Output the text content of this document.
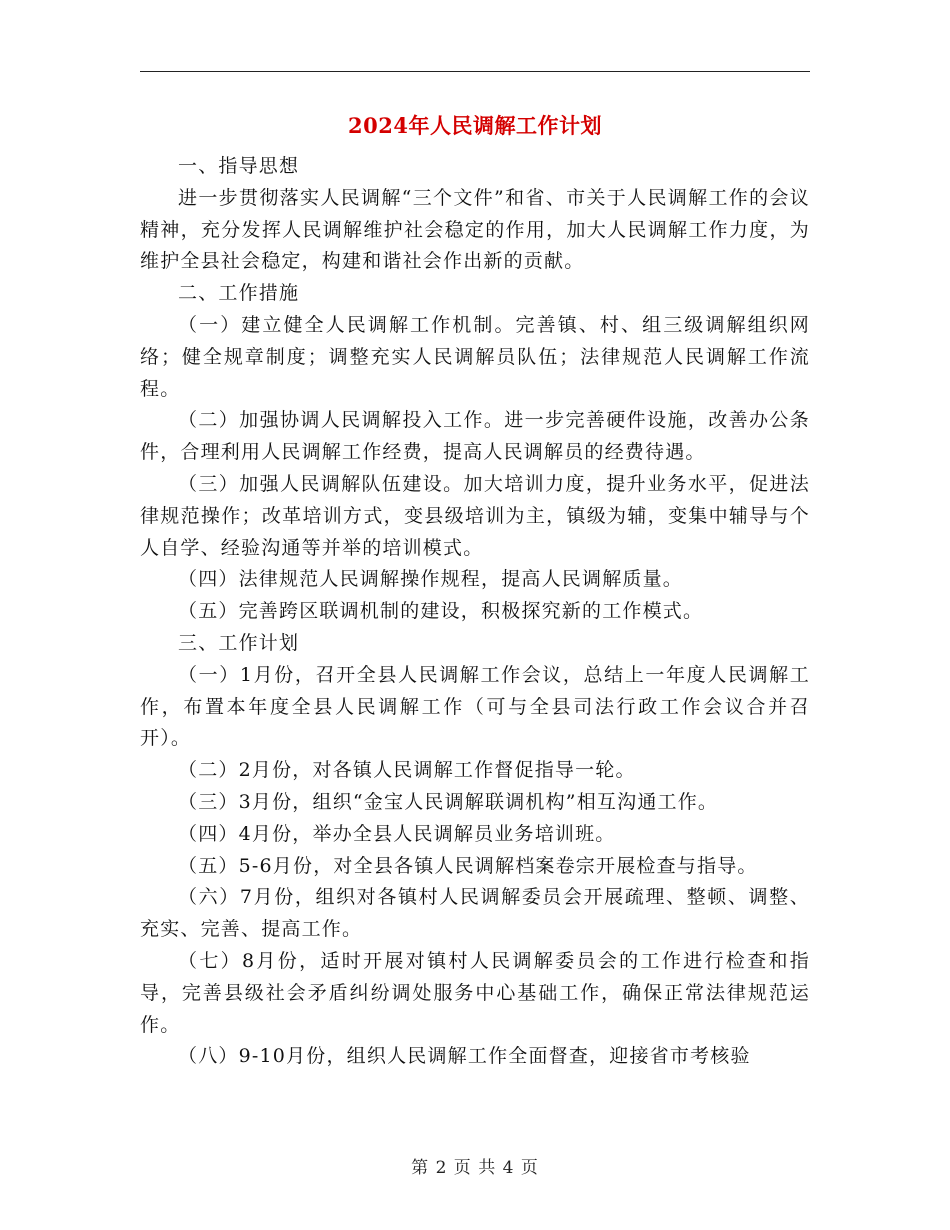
2024年人民调解工作计划

一、指导思想

进一步贯彻落实人民调解“三个文件”和省、市关于人民调解工作的会议精神，充分发挥人民调解维护社会稳定的作用，加大人民调解工作力度，为维护全县社会稳定，构建和谐社会作出新的贡献。

二、工作措施

（一）建立健全人民调解工作机制。完善镇、村、组三级调解组织网络；健全规章制度；调整充实人民调解员队伍；法律规范人民调解工作流程。

（二）加强协调人民调解投入工作。进一步完善硬件设施，改善办公条件，合理利用人民调解工作经费，提高人民调解员的经费待遇。

（三）加强人民调解队伍建设。加大培训力度，提升业务水平，促进法律规范操作；改革培训方式，变县级培训为主，镇级为辅，变集中辅导与个人自学、经验沟通等并举的培训模式。

（四）法律规范人民调解操作规程，提高人民调解质量。

（五）完善跨区联调机制的建设，积极探究新的工作模式。

三、工作计划

（一）1月份，召开全县人民调解工作会议，总结上一年度人民调解工作，布置本年度全县人民调解工作（可与全县司法行政工作会议合并召开）。

（二）2月份，对各镇人民调解工作督促指导一轮。

（三）3月份，组织“金宝人民调解联调机构”相互沟通工作。

（四）4月份，举办全县人民调解员业务培训班。

（五）5-6月份，对全县各镇人民调解档案卷宗开展检查与指导。

（六）7月份，组织对各镇村人民调解委员会开展疏理、整顿、调整、充实、完善、提高工作。

（七）8月份，适时开展对镇村人民调解委员会的工作进行检查和指导，完善县级社会矛盾纠纷调处服务中心基础工作，确保正常法律规范运作。

（八）9-10月份，组织人民调解工作全面督查，迎接省市考核验

第 2 页 共 4 页
